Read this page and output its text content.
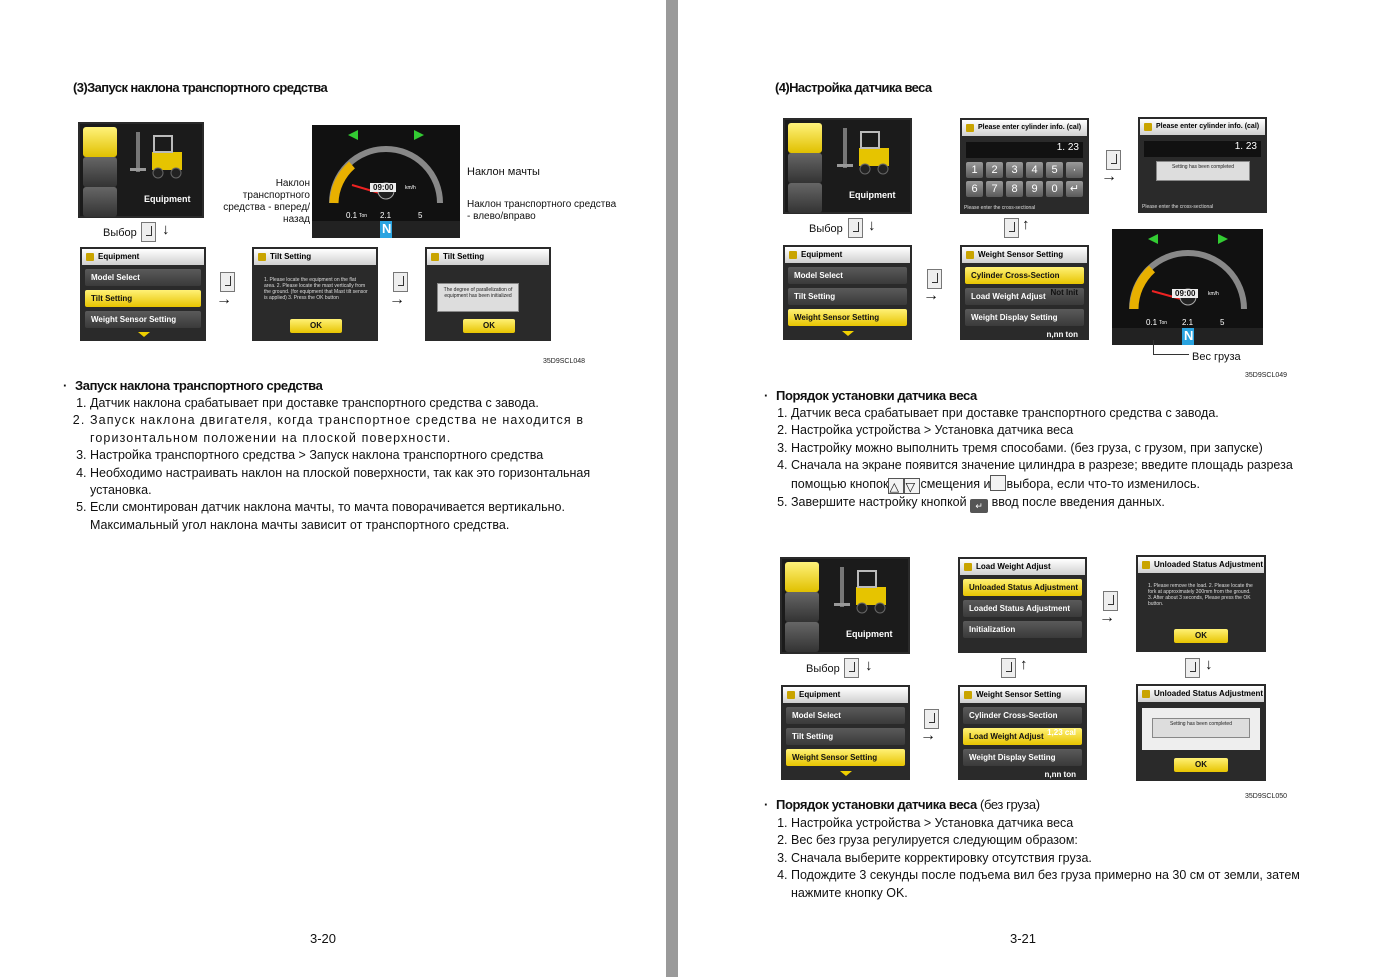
(3)Запуск наклона транспортного средства
Equipment
09:00	km/h
0.1 Ton 2.1	5
N
Наклон транспортного средства - вперед/назад
Наклон мачты
Наклон транспортного средства - влево/вправо
Выбор ↓
Equipment
Model Select
Tilt Setting
Weight Sensor Setting
→
Tilt Setting
1. Please locate the equipment on the flat area. 2. Please locate the mast vertically from the ground. (for equipment that Mast tilt sensor is applied) 3. Press the OK button
OK
→
Tilt Setting
The degree of parallelization of equipment has been initialized
OK
35D9SCL048
· Запуск наклона транспортного средства
1. Датчик наклона срабатывает при доставке транспортного средства с завода.
2. Запуск наклона двигателя, когда транспортное средства не находится в горизонтальном положении на плоской поверхности.
3. Настройка транспортного средства > Запуск наклона транспортного средства
4. Необходимо настраивать наклон на плоской поверхности, так как это горизонтальная установка.
5. Если смонтирован датчик наклона мачты, то мачта поворачивается вертикально. Максимальный угол наклона мачты зависит от транспортного средства.
3-20
(4)Настройка датчика веса
Equipment
Выбор ↓
Please enter cylinder info. (cal)
1. 23
1	2	3	4	5	·
6	7	8	9	0	↵
Please enter the cross-sectional
→
Please enter cylinder info. (cal)
1. 23
Setting has been completed
Please enter the cross-sectional
↑
Weight Sensor Setting
Cylinder Cross-Section
Not Init
Load Weight Adjust
Weight Display Setting
n,nn ton
Equipment
Model Select
Tilt Setting
Weight Sensor Setting
→	09:00	km/h
0.1 Ton 2.1	5
N
Вес груза
35D9SCL049
· Порядок установки датчика веса
1. Датчик веса срабатывает при доставке транспортного средства с завода.
2. Настройка устройства > Установка датчика веса
3. Настройку можно выполнить тремя способами. (без груза, с грузом, при запуске)
4. Сначала на экране появится значение цилиндра в разрезе; введите площадь разреза
помощью кнопок△ ▽ смещения и выбора, если что-то изменилось.
5. Завершите настройку кнопкой ↵ ввод после введения данных.
Equipment
Выбор ↓
Load Weight Adjust
Unloaded Status Adjustment
Loaded Status Adjustment
Initialization
→
Unloaded Status Adjustment
1. Please remove the load. 2. Please locate the fork at approximately 300mm from the ground. 3. After about 3 seconds, Please press the OK button.
OK
↑	↓
Equipment
Model Select
Tilt Setting
Weight Sensor Setting
→
Weight Sensor Setting
Cylinder Cross-Section
1,23 cal
Load Weight Adjust
Weight Display Setting
n,nn ton
Unloaded Status Adjustment
Setting has been completed
OK
35D9SCL050
· Порядок установки датчика веса (без груза)
1. Настройка устройства > Установка датчика веса
2. Вес без груза регулируется следующим образом:
3. Сначала выберите корректировку отсутствия груза.
4. Подождите 3 секунды после подъема вил без груза примерно на 30 см от земли, затем нажмите кнопку OK.
3-21
